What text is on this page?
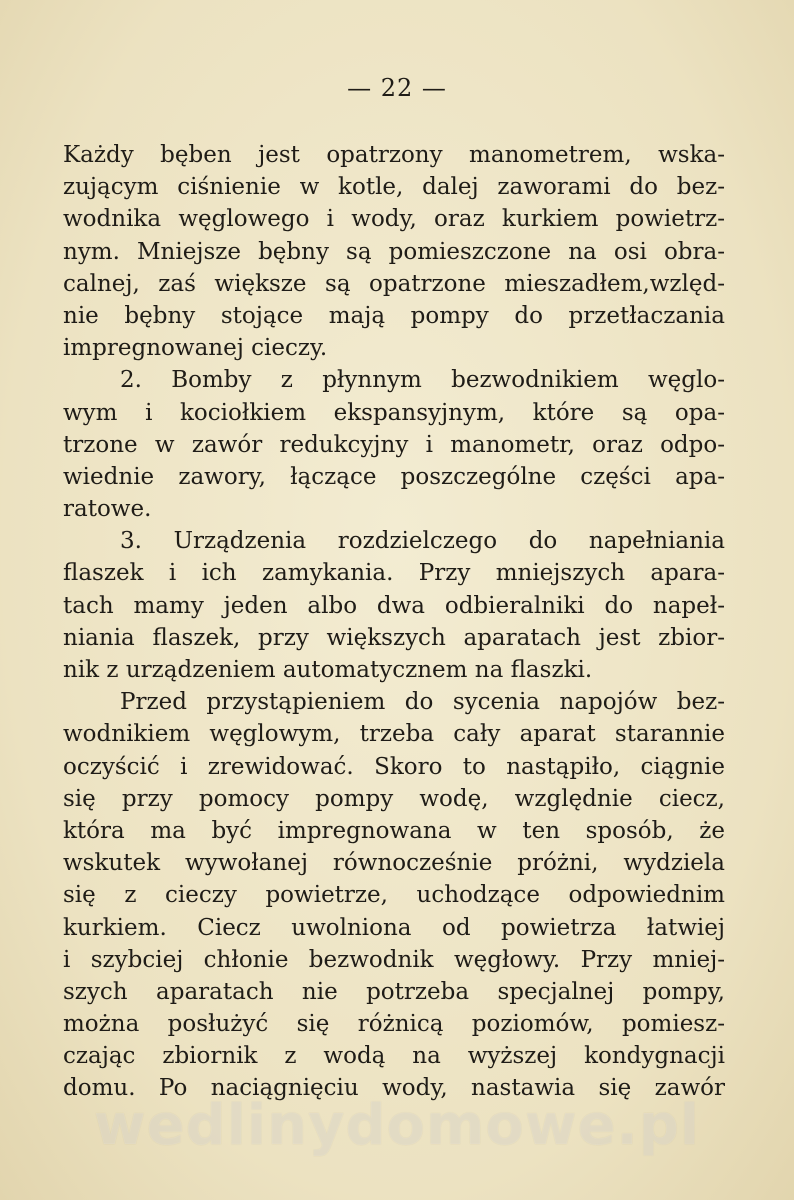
— 22 —
Każdy bęben jest opatrzony manometrem, wska-
zującym ciśnienie w kotle, dalej zaworami do bez-
wodnika węglowego i wody, oraz kurkiem powietrz-
nym. Mniejsze bębny są pomieszczone na osi obra-
calnej, zaś większe są opatrzone mieszadłem,wzlęd-
nie bębny stojące mają pompy do przetłaczania
impregnowanej cieczy.
2. Bomby z płynnym bezwodnikiem węglo-
wym i kociołkiem ekspansyjnym, które są opa-
trzone w zawór redukcyjny i manometr, oraz odpo-
wiednie zawory, łączące poszczególne części apa-
ratowe.
3. Urządzenia rozdzielczego do napełniania
flaszek i ich zamykania. Przy mniejszych apara-
tach mamy jeden albo dwa odbieralniki do napeł-
niania flaszek, przy większych aparatach jest zbior-
nik z urządzeniem automatycznem na flaszki.
Przed przystąpieniem do sycenia napojów bez-
wodnikiem węglowym, trzeba cały aparat starannie
oczyścić i zrewidować. Skoro to nastąpiło, ciągnie
się przy pomocy pompy wodę, względnie ciecz,
która ma być impregnowana w ten sposób, że
wskutek wywołanej równocześnie próżni, wydziela
się z cieczy powietrze, uchodzące odpowiednim
kurkiem. Ciecz uwolniona od powietrza łatwiej
i szybciej chłonie bezwodnik węgłowy. Przy mniej-
szych aparatach nie potrzeba specjalnej pompy,
można posłużyć się różnicą poziomów, pomiesz-
czając zbiornik z wodą na wyższej kondygnacji
domu. Po naciągnięciu wody, nastawia się zawór
wedlinydomowe.pl
